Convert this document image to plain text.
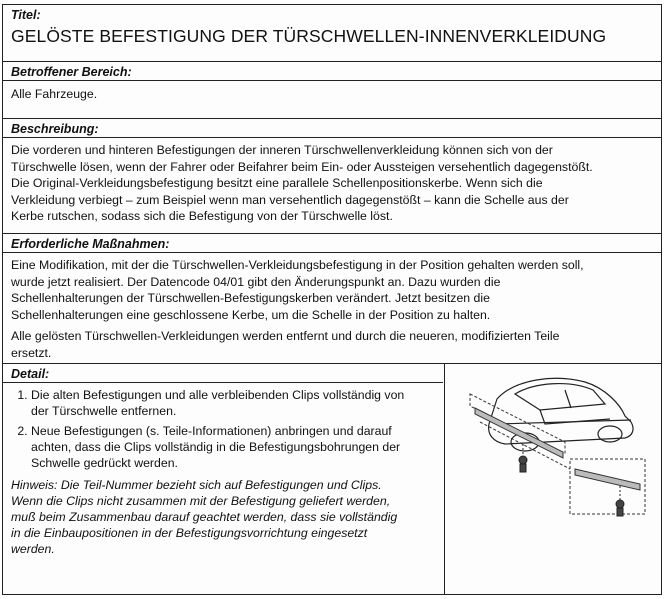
Titel:
GELÖSTE BEFESTIGUNG DER TÜRSCHWELLEN-INNENVERKLEIDUNG
Betroffener Bereich:
Alle Fahrzeuge.
Beschreibung:
Die vorderen und hinteren Befestigungen der inneren Türschwellenverkleidung können sich von der
Türschwelle lösen, wenn der Fahrer oder Beifahrer beim Ein- oder Aussteigen versehentlich dagegenstößt.
Die Original-Verkleidungsbefestigung besitzt eine parallele Schellenpositionskerbe. Wenn sich die
Verkleidung verbiegt – zum Beispiel wenn man versehentlich dagegenstößt – kann die Schelle aus der
Kerbe rutschen, sodass sich die Befestigung von der Türschwelle löst.
Erforderliche Maßnahmen:
Eine Modifikation, mit der die Türschwellen-Verkleidungsbefestigung in der Position gehalten werden soll,
wurde jetzt realisiert. Der Datencode 04/01 gibt den Änderungspunkt an. Dazu wurden die
Schellenhalterungen der Türschwellen-Befestigungskerben verändert. Jetzt besitzen die
Schellenhalterungen eine geschlossene Kerbe, um die Schelle in der Position zu halten.
Alle gelösten Türschwellen-Verkleidungen werden entfernt und durch die neueren, modifizierten Teile
ersetzt.
Detail:
1. Die alten Befestigungen und alle verbleibenden Clips vollständig von
der Türschwelle entfernen.
2. Neue Befestigungen (s. Teile-Informationen) anbringen und darauf
achten, dass die Clips vollständig in die Befestigungsbohrungen der
Schwelle gedrückt werden.
Hinweis: Die Teil-Nummer bezieht sich auf Befestigungen und Clips.
Wenn die Clips nicht zusammen mit der Befestigung geliefert werden,
muß beim Zusammenbau darauf geachtet werden, dass sie vollständig
in die Einbaupositionen in der Befestigungsvorrichtung eingesetzt
werden.
